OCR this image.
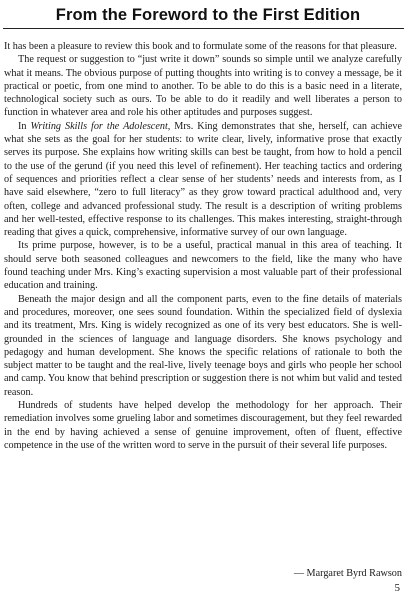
From the Foreword to the First Edition

It has been a pleasure to review this book and to formulate some of the reasons for that pleasure.

The request or suggestion to “just write it down” sounds so simple until we analyze carefully what it means. The obvious purpose of putting thoughts into writing is to convey a message, be it practical or poetic, from one mind to another. To be able to do this is a basic need in a literate, technological society such as ours. To be able to do it readily and well liberates a person to function in whatever area and role his other aptitudes and purposes suggest.

In Writing Skills for the Adolescent, Mrs. King demonstrates that she, herself, can achieve what she sets as the goal for her students: to write clear, lively, informative prose that exactly serves its purpose. She explains how writing skills can best be taught, from how to hold a pencil to the use of the gerund (if you need this level of refinement). Her teaching tactics and ordering of sequences and priorities reflect a clear sense of her students’ needs and interests from, as I have said elsewhere, “zero to full literacy” as they grow toward practical adulthood and, very often, college and advanced professional study. The result is a description of writing problems and her well-tested, effective response to its challenges. This makes interesting, straight-through reading that gives a quick, comprehensive, informative survey of our own language.

Its prime purpose, however, is to be a useful, practical manual in this area of teaching. It should serve both seasoned colleagues and newcomers to the field, like the many who have found teaching under Mrs. King’s exacting supervision a most valuable part of their professional education and training.

Beneath the major design and all the component parts, even to the fine details of materials and procedures, moreover, one sees sound foundation. Within the specialized field of dyslexia and its treatment, Mrs. King is widely recognized as one of its very best educators. She is well-grounded in the sciences of language and language disorders. She knows psychology and pedagogy and human development. She knows the specific relations of rationale to both the subject matter to be taught and the real-live, lively teenage boys and girls who people her school and camp. You know that behind prescription or suggestion there is not whim but valid and tested reason.

Hundreds of students have helped develop the methodology for her approach. Their remediation involves some grueling labor and sometimes discouragement, but they feel rewarded in the end by having achieved a sense of genuine improvement, often of fluent, effective competence in the use of the written word to serve in the pursuit of their several life purposes.

— Margaret Byrd Rawson
5
